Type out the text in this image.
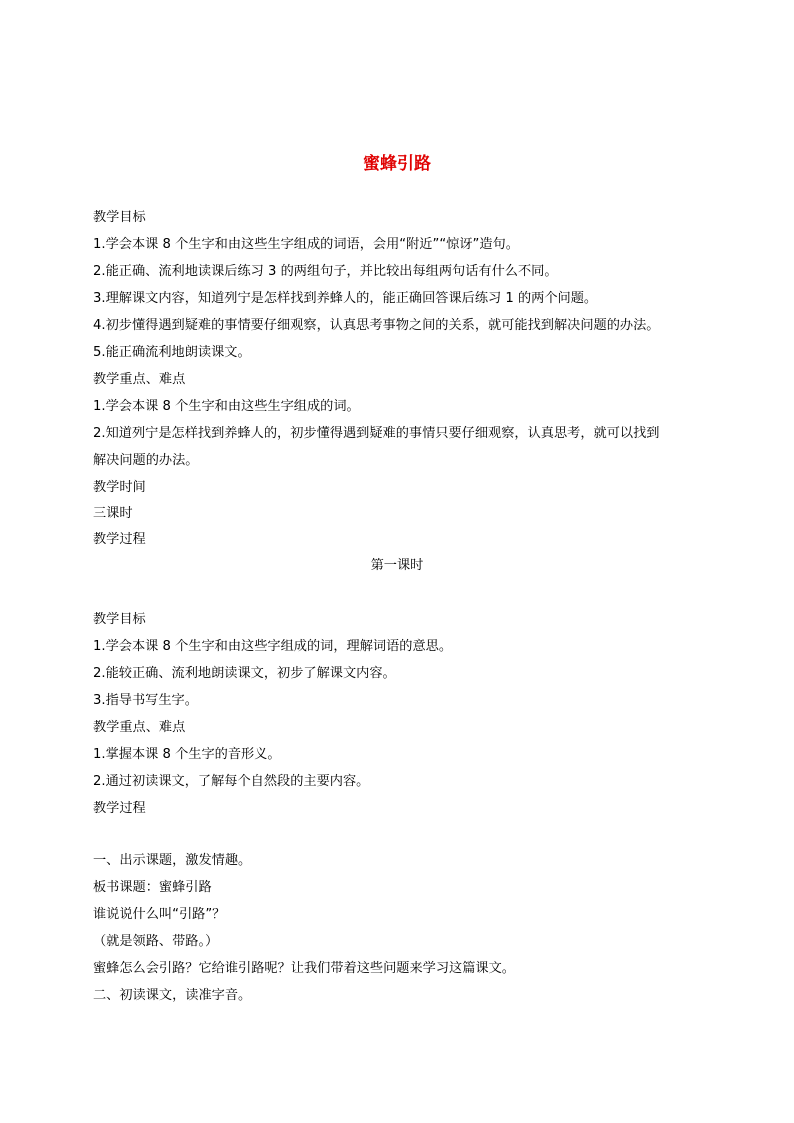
蜜蜂引路
教学目标
1.学会本课 8 个生字和由这些生字组成的词语，会用“附近”“惊讶”造句。
2.能正确、流利地读课后练习 3 的两组句子，并比较出每组两句话有什么不同。
3.理解课文内容，知道列宁是怎样找到养蜂人的，能正确回答课后练习 1 的两个问题。
4.初步懂得遇到疑难的事情要仔细观察，认真思考事物之间的关系，就可能找到解决问题的办法。
5.能正确流利地朗读课文。
教学重点、难点
1.学会本课 8 个生字和由这些生字组成的词。
2.知道列宁是怎样找到养蜂人的，初步懂得遇到疑难的事情只要仔细观察，认真思考，就可以找到
解决问题的办法。
教学时间
三课时
教学过程
第一课时
教学目标
1.学会本课 8 个生字和由这些字组成的词，理解词语的意思。
2.能较正确、流利地朗读课文，初步了解课文内容。
3.指导书写生字。
教学重点、难点
1.掌握本课 8 个生字的音形义。
2.通过初读课文，了解每个自然段的主要内容。
教学过程
一、出示课题，激发情趣。
板书课题：蜜蜂引路
谁说说什么叫“引路”？
（就是领路、带路。）
蜜蜂怎么会引路？它给谁引路呢？让我们带着这些问题来学习这篇课文。
二、初读课文，读准字音。
